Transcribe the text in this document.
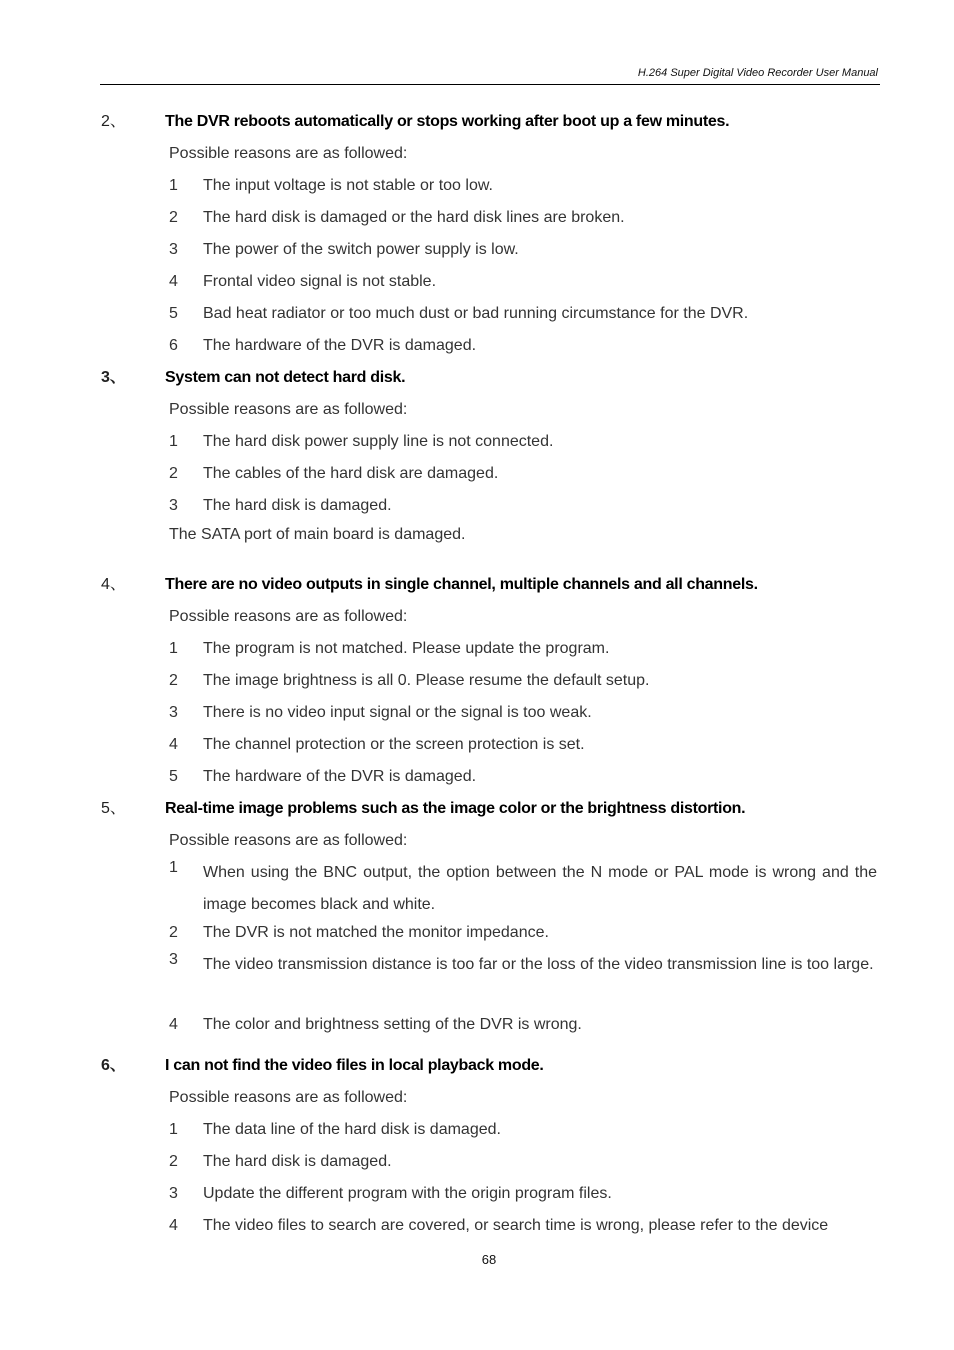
H.264 Super Digital Video Recorder User Manual
2、 The DVR reboots automatically or stops working after boot up a few minutes.
Possible reasons are as followed:
1 The input voltage is not stable or too low.
2 The hard disk is damaged or the hard disk lines are broken.
3 The power of the switch power supply is low.
4 Frontal video signal is not stable.
5 Bad heat radiator or too much dust or bad running circumstance for the DVR.
6 The hardware of the DVR is damaged.
3、 System can not detect hard disk.
Possible reasons are as followed:
1 The hard disk power supply line is not connected.
2 The cables of the hard disk are damaged.
3 The hard disk is damaged.
The SATA port of main board is damaged.
4、 There are no video outputs in single channel, multiple channels and all channels.
Possible reasons are as followed:
1 The program is not matched. Please update the program.
2 The image brightness is all 0. Please resume the default setup.
3 There is no video input signal or the signal is too weak.
4 The channel protection or the screen protection is set.
5 The hardware of the DVR is damaged.
5、 Real-time image problems such as the image color or the brightness distortion.
Possible reasons are as followed:
1 When using the BNC output, the option between the N mode or PAL mode is wrong and the image becomes black and white.
2 The DVR is not matched the monitor impedance.
3 The video transmission distance is too far or the loss of the video transmission line is too large.
4 The color and brightness setting of the DVR is wrong.
6、 I can not find the video files in local playback mode.
Possible reasons are as followed:
1 The data line of the hard disk is damaged.
2 The hard disk is damaged.
3 Update the different program with the origin program files.
4 The video files to search are covered, or search time is wrong, please refer to the device
68
